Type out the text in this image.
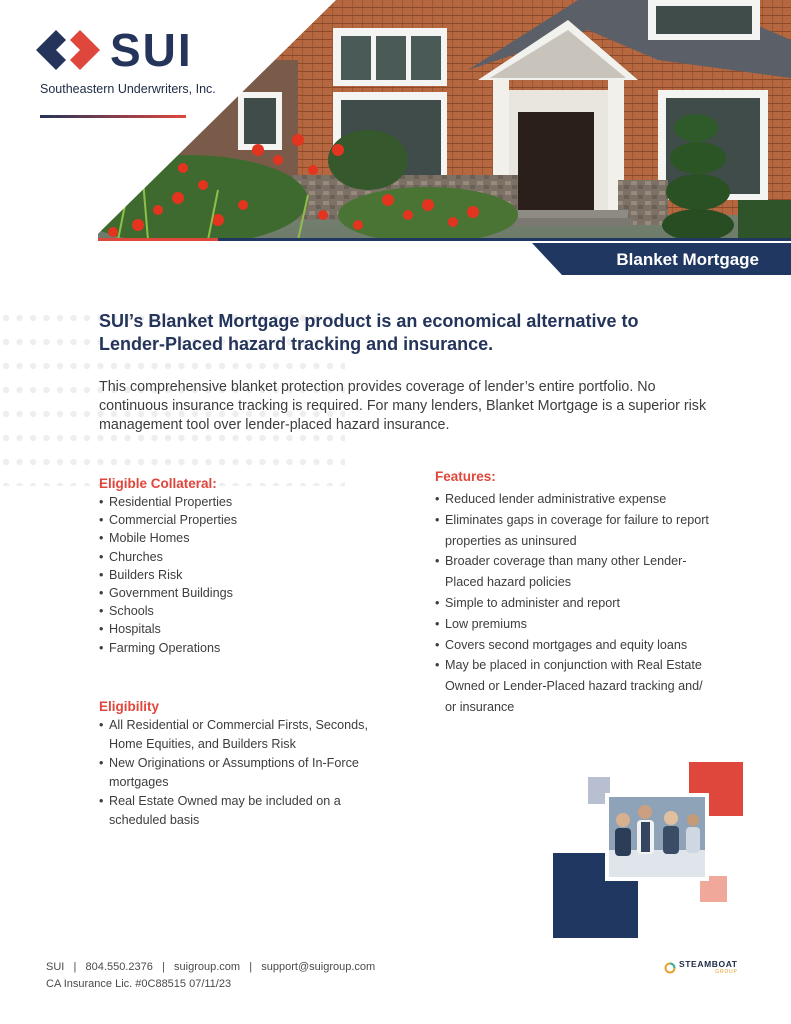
SUI
Southeastern Underwriters, Inc.
Blanket Mortgage
SUI’s Blanket Mortgage product is an economical alternative to Lender-Placed hazard tracking and insurance.
This comprehensive blanket protection provides coverage of lender’s entire portfolio. No continuous insurance tracking is required. For many lenders, Blanket Mortgage is a superior risk management tool over lender-placed hazard insurance.
Eligible Collateral:
• Residential Properties
• Commercial Properties
• Mobile Homes
• Churches
• Builders Risk
• Government Buildings
• Schools
• Hospitals
• Farming Operations
Eligibility
• All Residential or Commercial Firsts, Seconds, Home Equities, and Builders Risk
• New Originations or Assumptions of In-Force mortgages
• Real Estate Owned may be included on a scheduled basis
Features:
• Reduced lender administrative expense
• Eliminates gaps in coverage for failure to report properties as uninsured
• Broader coverage than many other Lender-Placed hazard policies
• Simple to administer and report
• Low premiums
• Covers second mortgages and equity loans
• May be placed in conjunction with Real Estate Owned or Lender-Placed hazard tracking and/ or insurance
SUI   |   804.550.2376   |   suigroup.com   |   support@suigroup.com
CA Insurance Lic. #0C88515 07/11/23
STEAMBOAT
GROUP
